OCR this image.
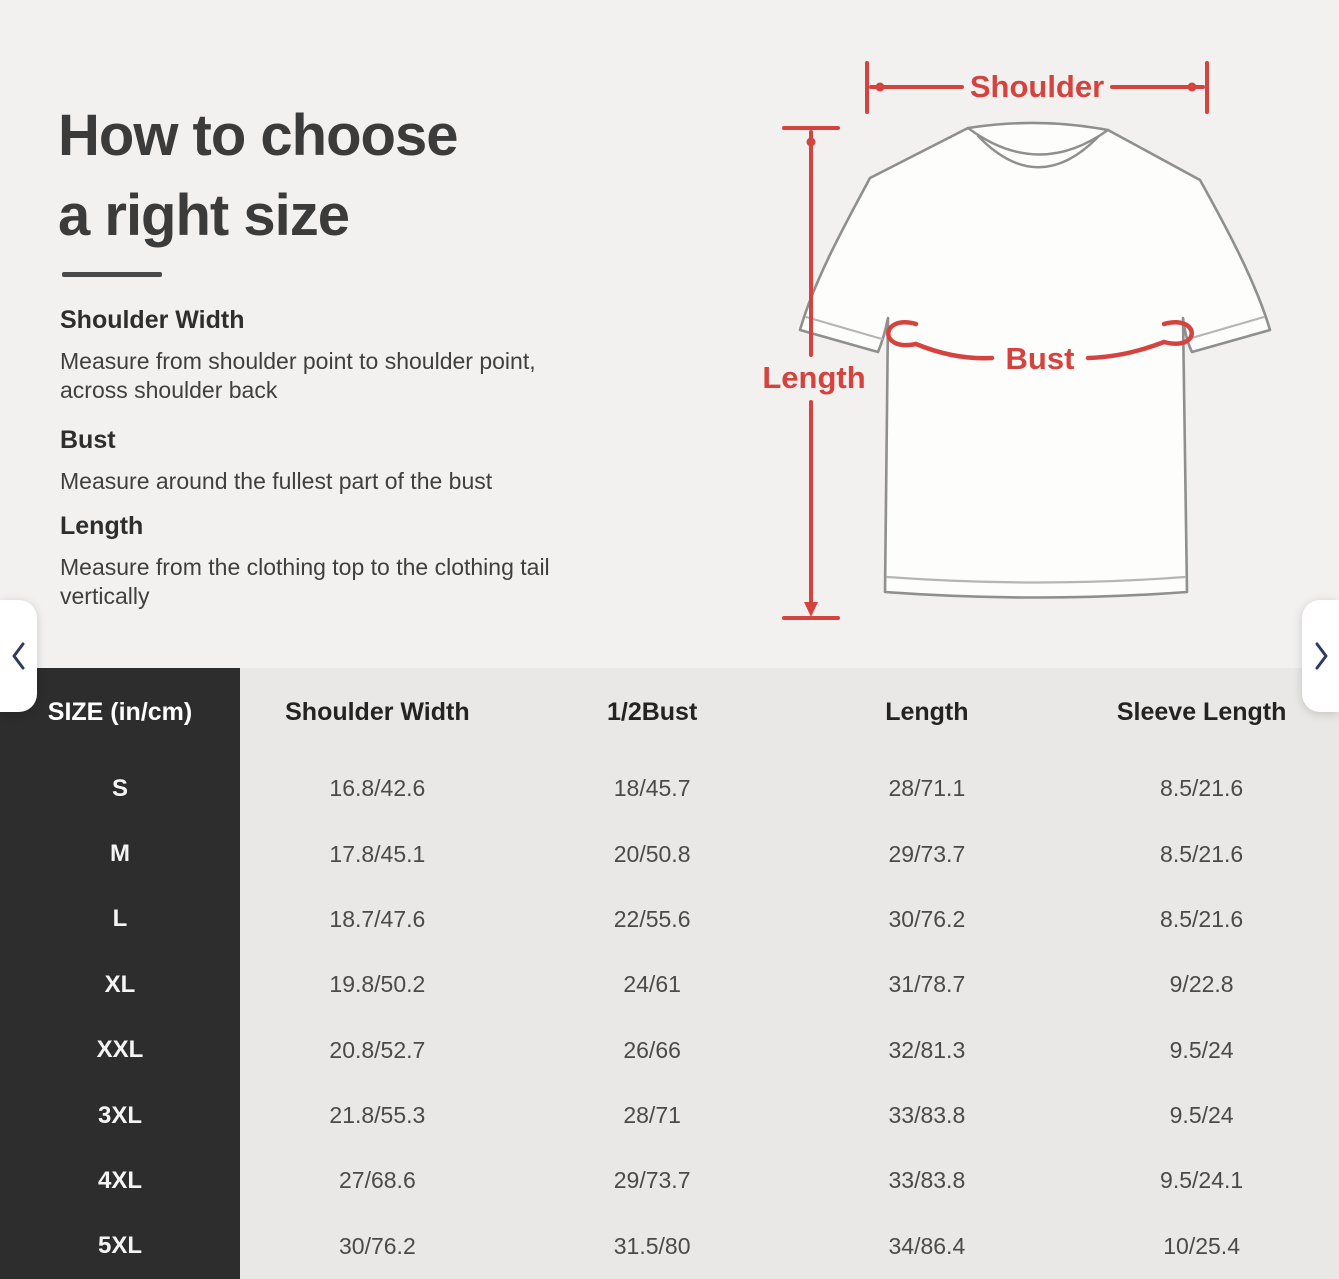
How to choose
a right size
Shoulder Width
Measure from shoulder point to shoulder point,
across shoulder back
Bust
Measure around the fullest part of the bust
Length
Measure from the clothing top to the clothing tail
vertically
Shoulder
Length
Bust
SIZE (in/cm)	Shoulder Width	1/2Bust	Length	Sleeve Length
S	16.8/42.6	18/45.7	28/71.1	8.5/21.6
M	17.8/45.1	20/50.8	29/73.7	8.5/21.6
L	18.7/47.6	22/55.6	30/76.2	8.5/21.6
XL	19.8/50.2	24/61	31/78.7	9/22.8
XXL	20.8/52.7	26/66	32/81.3	9.5/24
3XL	21.8/55.3	28/71	33/83.8	9.5/24
4XL	27/68.6	29/73.7	33/83.8	9.5/24.1
5XL	30/76.2	31.5/80	34/86.4	10/25.4
